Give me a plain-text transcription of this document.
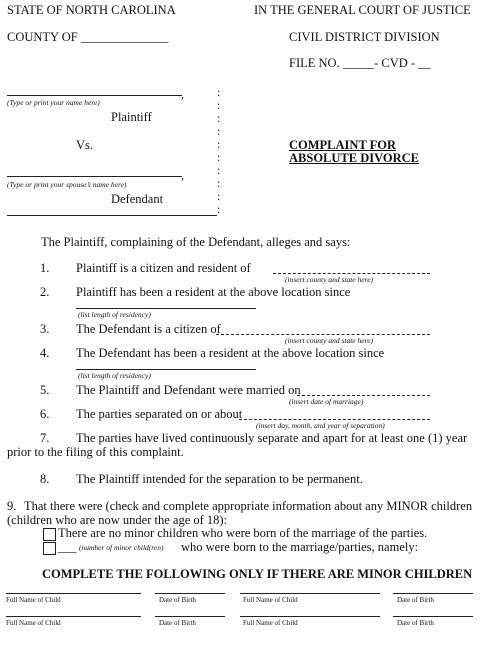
STATE OF NORTH CAROLINA	IN THE GENERAL COURT OF JUSTICE
COUNTY OF ______________	CIVIL DISTRICT DIVISION
FILE NO. _____- CVD - __
,
(Type or print your name here)
Plaintiff
:
:
:
:
:
:
:
:
:
:
Vs.	COMPLAINT FOR
ABSOLUTE DIVORCE
,
(Type or print your spouse’s name here)
Defendant
The Plaintiff, complaining of the Defendant, alleges and says:
1. Plaintiff is a citizen and resident of
(insert county and state here)
2. Plaintiff has been a resident at the above location since
(list length of residency)
3. The Defendant is a citizen of
(insert county and state here)
4. The Defendant has been a resident at the above location since
(list length of residency)
5. The Plaintiff and Defendant were married on
(insert date of marriage)
6. The parties separated on or about
(insert day, month, and year of separation)
7. The parties have lived continuously separate and apart for at least one (1) year
prior to the filing of this complaint.
8. The Plaintiff intended for the separation to be permanent.
9. That there were (check and complete appropriate information about any MINOR children
(children who are now under the age of 18):
There are no minor children who were born of the marriage of the parties.
___ (number of minor child(ren) who were born to the marriage/parties, namely:
COMPLETE THE FOLLOWING ONLY IF THERE ARE MINOR CHILDREN
Full Name of Child	Date of Birth	Full Name of Child	Date of Birth
Full Name of Child	Date of Birth	Full Name of Child	Date of Birth
